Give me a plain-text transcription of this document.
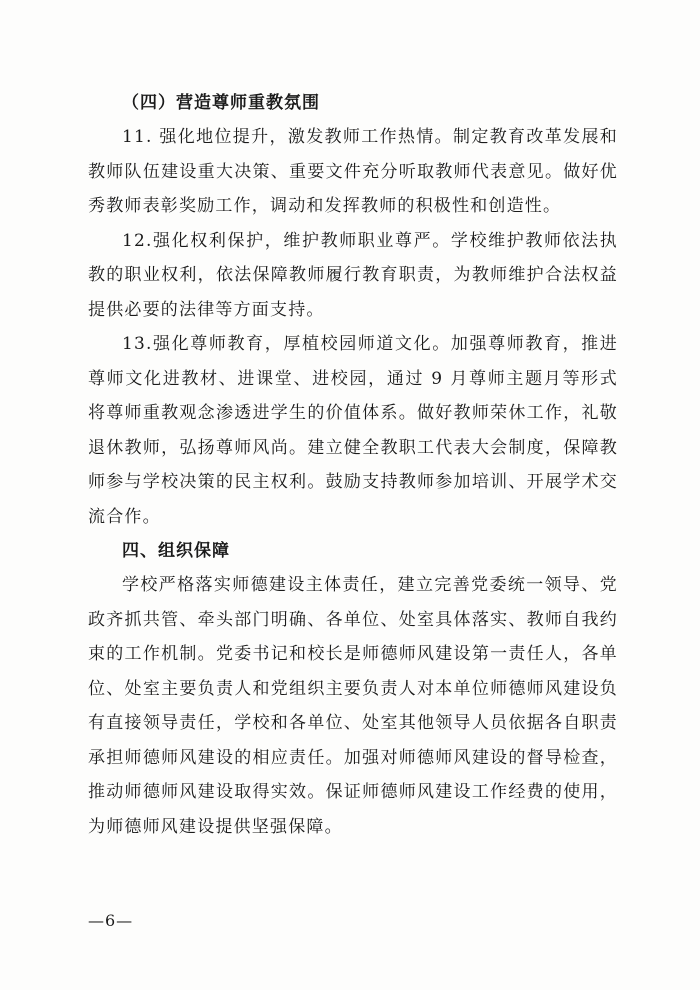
（四）营造尊师重教氛围

11. 强化地位提升，激发教师工作热情。制定教育改革发展和教师队伍建设重大决策、重要文件充分听取教师代表意见。做好优秀教师表彰奖励工作，调动和发挥教师的积极性和创造性。

12.强化权利保护，维护教师职业尊严。学校维护教师依法执教的职业权利，依法保障教师履行教育职责，为教师维护合法权益提供必要的法律等方面支持。

13.强化尊师教育，厚植校园师道文化。加强尊师教育，推进尊师文化进教材、进课堂、进校园，通过 9 月尊师主题月等形式将尊师重教观念渗透进学生的价值体系。做好教师荣休工作，礼敬退休教师，弘扬尊师风尚。建立健全教职工代表大会制度，保障教师参与学校决策的民主权利。鼓励支持教师参加培训、开展学术交流合作。

四、组织保障

学校严格落实师德建设主体责任，建立完善党委统一领导、党政齐抓共管、牵头部门明确、各单位、处室具体落实、教师自我约束的工作机制。党委书记和校长是师德师风建设第一责任人，各单位、处室主要负责人和党组织主要负责人对本单位师德师风建设负有直接领导责任，学校和各单位、处室其他领导人员依据各自职责承担师德师风建设的相应责任。加强对师德师风建设的督导检查，推动师德师风建设取得实效。保证师德师风建设工作经费的使用，为师德师风建设提供坚强保障。

—6—
